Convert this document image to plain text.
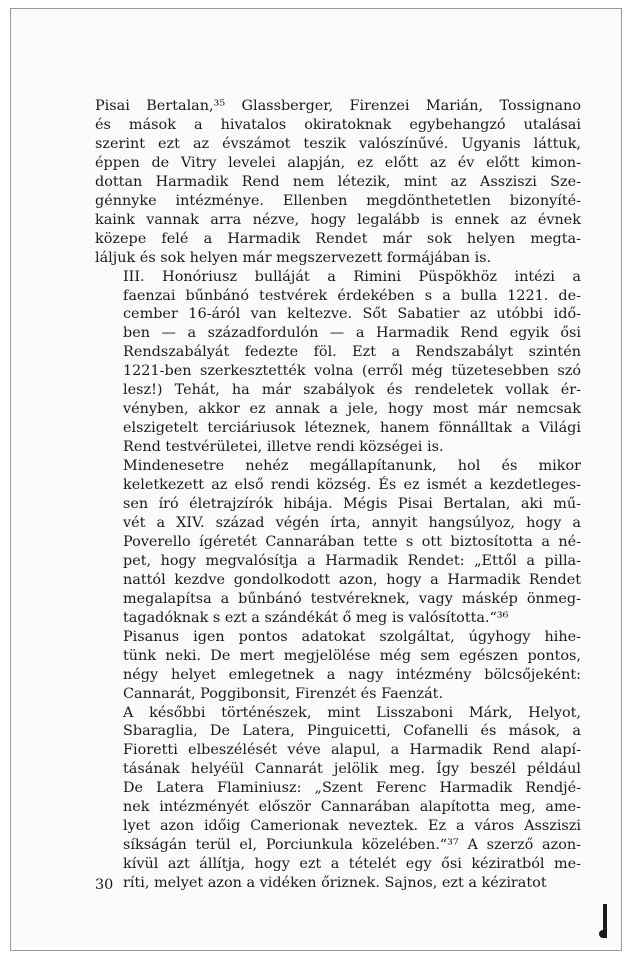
Pisai Bertalan,³⁵ Glassberger, Firenzei Marián, Tossignano
és mások a hivatalos okiratoknak egybehangzó utalásai
szerint ezt az évszámot teszik valószínűvé. Ugyanis láttuk,
éppen de Vitry levelei alapján, ez előtt az év előtt kimon-
dottan Harmadik Rend nem létezik, mint az Assziszi Sze-
génnyke intézménye. Ellenben megdönthetetlen bizonyíté-
kaink vannak arra nézve, hogy legalább is ennek az évnek
közepe felé a Harmadik Rendet már sok helyen megta-
láljuk és sok helyen már megszervezett formájában is.
III. Honóriusz bulláját a Rimini Püspökhöz intézi a
faenzai bűnbánó testvérek érdekében s a bulla 1221. de-
cember 16-áról van keltezve. Sőt Sabatier az utóbbi idő-
ben — a századfordulón — a Harmadik Rend egyik ősi
Rendszabályát fedezte föl. Ezt a Rendszabályt szintén
1221-ben szerkesztették volna (erről még tüzetesebben szó
lesz!) Tehát, ha már szabályok és rendeletek vollak ér-
vényben, akkor ez annak a jele, hogy most már nemcsak
elszigetelt terciáriusok léteznek, hanem fönnálltak a Világi
Rend testvérületei, illetve rendi községei is.
Mindenesetre nehéz megállapítanunk, hol és mikor
keletkezett az első rendi község. És ez ismét a kezdetleges-
sen író életrajzírók hibája. Mégis Pisai Bertalan, aki mű-
vét a XIV. század végén írta, annyit hangsúlyoz, hogy a
Poverello ígéretét Cannarában tette s ott biztosította a né-
pet, hogy megvalósítja a Harmadik Rendet: „Ettől a pilla-
nattól kezdve gondolkodott azon, hogy a Harmadik Rendet
megalapítsa a bűnbánó testvéreknek, vagy máskép önmeg-
tagadóknak s ezt a szándékát ő meg is valósította.“³⁶
Pisanus igen pontos adatokat szolgáltat, úgyhogy hihe-
tünk neki. De mert megjelölése még sem egészen pontos,
négy helyet emlegetnek a nagy intézmény bölcsőjeként:
Cannarát, Poggibonsit, Firenzét és Faenzát.
A későbbi történészek, mint Lisszaboni Márk, Helyot,
Sbaraglia, De Latera, Pinguicetti, Cofanelli és mások, a
Fioretti elbeszélését véve alapul, a Harmadik Rend alapí-
tásának helyéül Cannarát jelölik meg. Így beszél például
De Latera Flaminiusz: „Szent Ferenc Harmadik Rendjé-
nek intézményét először Cannarában alapította meg, ame-
lyet azon időig Camerionak neveztek. Ez a város Assziszi
síkságán terül el, Porciunkula közelében.“³⁷ A szerző azon-
kívül azt állítja, hogy ezt a tételét egy ősi kéziratból me-
ríti, melyet azon a vidéken őriznek. Sajnos, ezt a kéziratot
30
